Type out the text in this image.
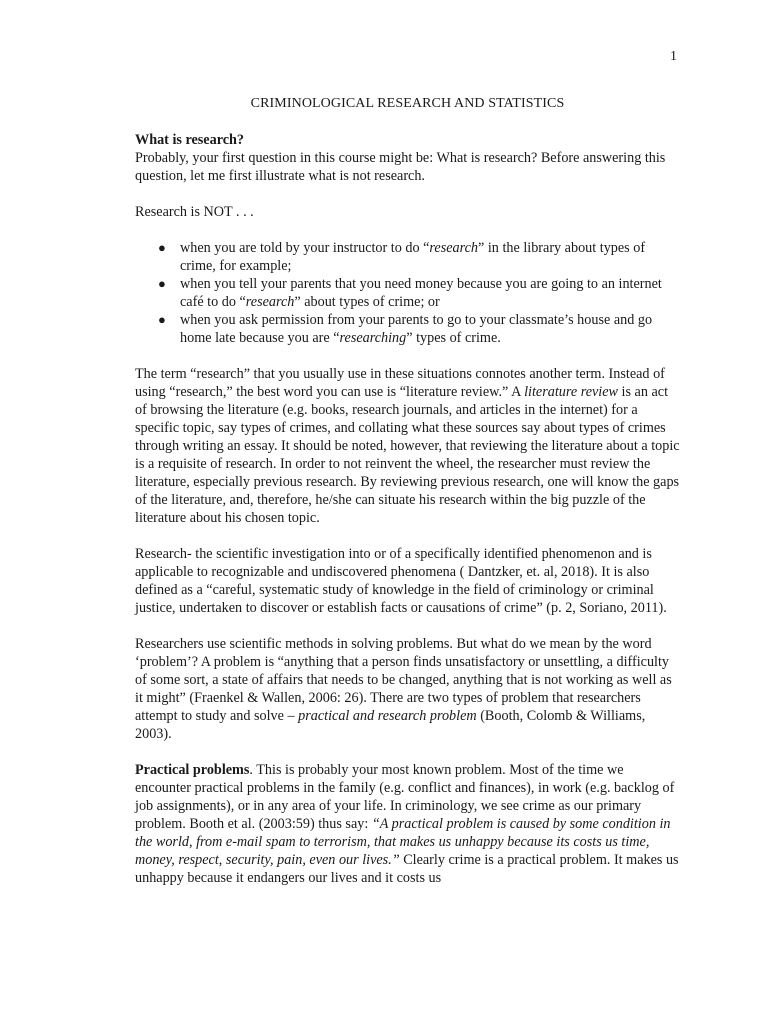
1
CRIMINOLOGICAL RESEARCH AND STATISTICS
What is research?

Probably, your first question in this course might be: What is research? Before answering this question, let me first illustrate what is not research.

Research is NOT . . .

● when you are told by your instructor to do “research” in the library about types of crime, for example;
● when you tell your parents that you need money because you are going to an internet café to do “research” about types of crime; or
● when you ask permission from your parents to go to your classmate’s house and go home late because you are “researching” types of crime.

The term “research” that you usually use in these situations connotes another term. Instead of using “research,” the best word you can use is “literature review.” A literature review is an act of browsing the literature (e.g. books, research journals, and articles in the internet) for a specific topic, say types of crimes, and collating what these sources say about types of crimes through writing an essay. It should be noted, however, that reviewing the literature about a topic is a requisite of research. In order to not reinvent the wheel, the researcher must review the literature, especially previous research. By reviewing previous research, one will know the gaps of the literature, and, therefore, he/she can situate his research within the big puzzle of the literature about his chosen topic.

Research- the scientific investigation into or of a specifically identified phenomenon and is applicable to recognizable and undiscovered phenomena ( Dantzker, et. al, 2018). It is also defined as a “careful, systematic study of knowledge in the field of criminology or criminal justice, undertaken to discover or establish facts or causations of crime” (p. 2, Soriano, 2011).

Researchers use scientific methods in solving problems. But what do we mean by the word ‘problem’? A problem is “anything that a person finds unsatisfactory or unsettling, a difficulty of some sort, a state of affairs that needs to be changed, anything that is not working as well as it might” (Fraenkel & Wallen, 2006: 26). There are two types of problem that researchers attempt to study and solve – practical and research problem (Booth, Colomb & Williams, 2003).

Practical problems. This is probably your most known problem. Most of the time we encounter practical problems in the family (e.g. conflict and finances), in work (e.g. backlog of job assignments), or in any area of your life. In criminology, we see crime as our primary problem. Booth et al. (2003:59) thus say: “A practical problem is caused by some condition in the world, from e-mail spam to terrorism, that makes us unhappy because its costs us time, money, respect, security, pain, even our lives.” Clearly crime is a practical problem. It makes us unhappy because it endangers our lives and it costs us
